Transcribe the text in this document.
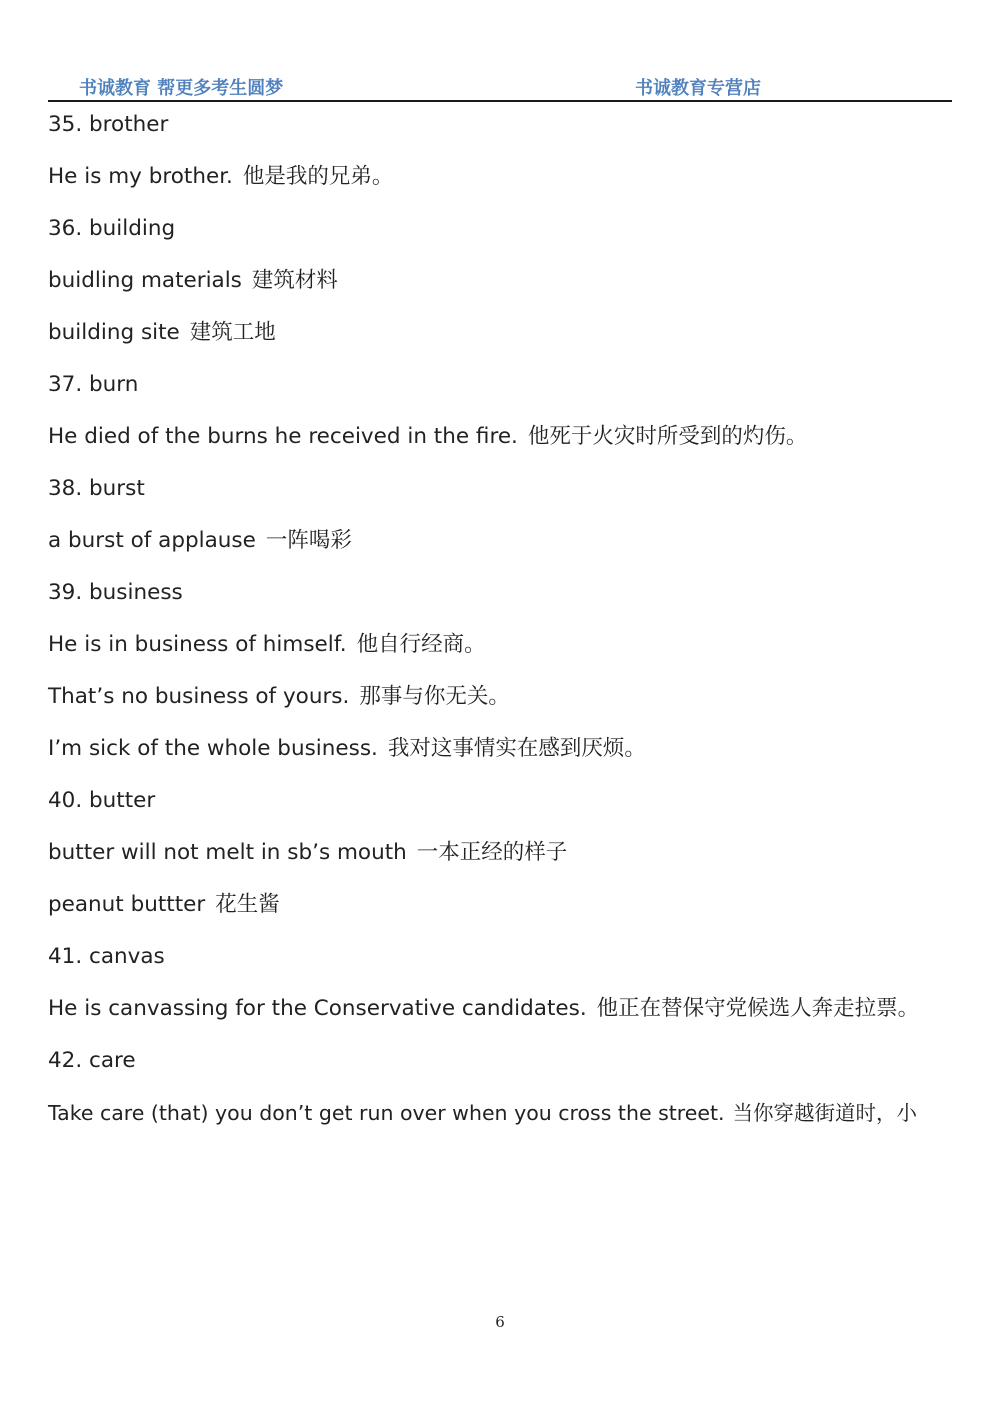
书诚教育 帮更多考生圆梦	书诚教育专营店
35. brother
He is my brother. 他是我的兄弟。
36. building
buidling materials 建筑材料
building site 建筑工地
37. burn
He died of the burns he received in the fire. 他死于火灾时所受到的灼伤。
38. burst
a burst of applause 一阵喝彩
39. business
He is in business of himself. 他自行经商。
That’s no business of yours. 那事与你无关。
I’m sick of the whole business. 我对这事情实在感到厌烦。
40. butter
butter will not melt in sb’s mouth 一本正经的样子
peanut buttter 花生酱
41. canvas
He is canvassing for the Conservative candidates. 他正在替保守党候选人奔走拉票。
42. care
Take care (that) you don’t get run over when you cross the street. 当你穿越街道时，小
6
